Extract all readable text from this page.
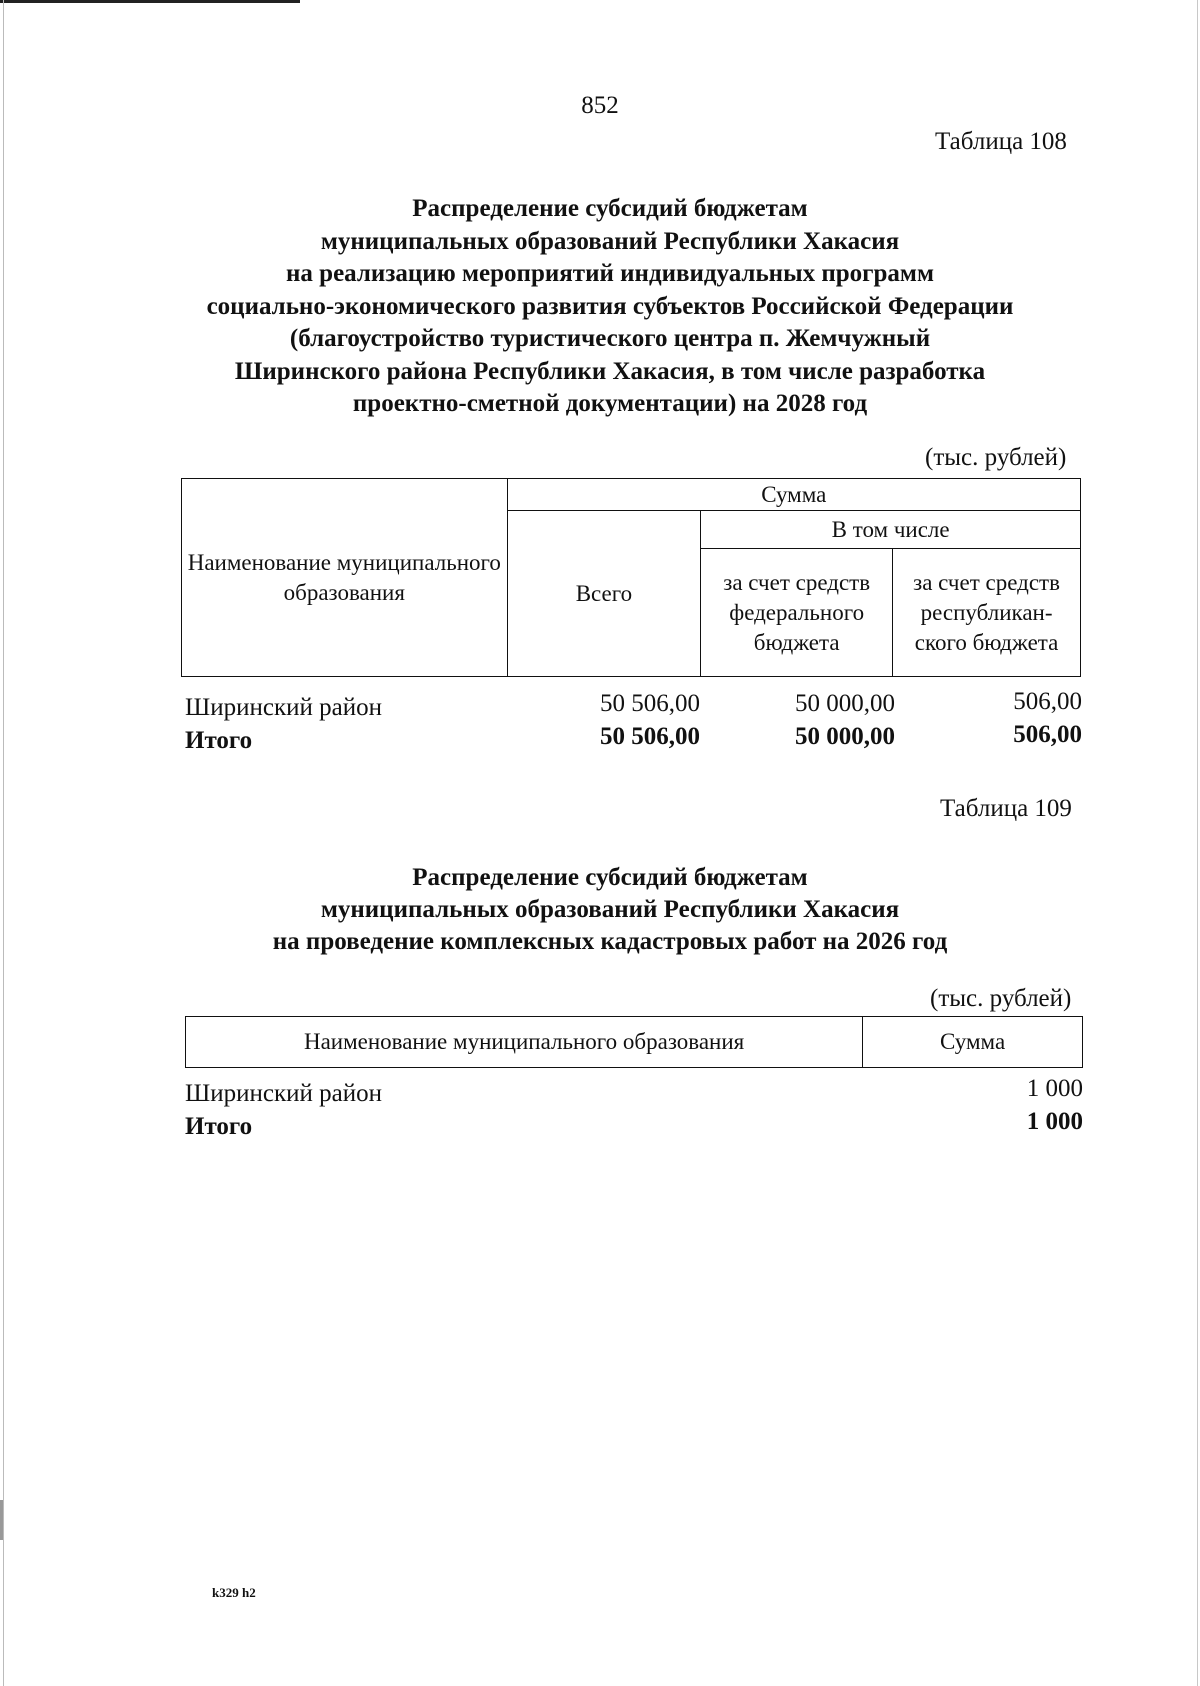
852
Таблица 108
Распределение субсидий бюджетам
муниципальных образований Республики Хакасия
на реализацию мероприятий индивидуальных программ
социально-экономического развития субъектов Российской Федерации
(благоустройство туристического центра п. Жемчужный
Ширинского района Республики Хакасия, в том числе разработка
проектно-сметной документации) на 2028 год
(тыс. рублей)
Наименование муниципального образования	Сумма		
	Всего	В том числе	
		за счет средств федерального бюджета	за счет средств республикан-ского бюджета
Ширинский район	50 506,00	50 000,00	506,00
Итого	50 506,00	50 000,00	506,00
Таблица 109
Распределение субсидий бюджетам
муниципальных образований Республики Хакасия
на проведение комплексных кадастровых работ на 2026 год
(тыс. рублей)
Наименование муниципального образования	Сумма
Ширинский район	1 000
Итого	1 000
k329 h2
